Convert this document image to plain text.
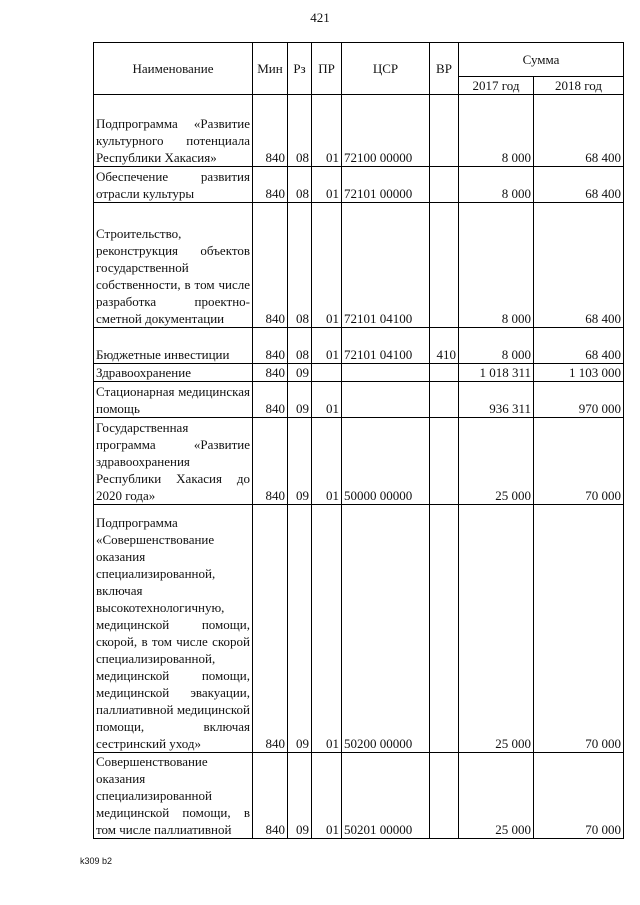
421
Наименование	Мин	Рз	ПР	ЦСР	ВР	Сумма	
						2017 год	2018 год
Подпрограмма «Развитие культурного потенциала Республики Хакасия»	840	08	01	72100 00000		8 000	68 400
Обеспечение развития отрасли культуры	840	08	01	72101 00000		8 000	68 400
Строительство, реконструкция объектов государственной собственности, в том числе разработка проектно-сметной документации	840	08	01	72101 04100		8 000	68 400
Бюджетные инвестиции	840	08	01	72101 04100	410	8 000	68 400
Здравоохранение	840	09				1 018 311	1 103 000
Стационарная медицинская помощь	840	09	01			936 311	970 000
Государственная программа «Развитие здравоохранения Республики Хакасия до 2020 года»	840	09	01	50000 00000		25 000	70 000
Подпрограмма «Совершенствование оказания специализированной, включая высокотехнологичную, медицинской помощи, скорой, в том числе скорой специализированной, медицинской помощи, медицинской эвакуации, паллиативной медицинской помощи, включая сестринский уход»	840	09	01	50200 00000		25 000	70 000
Совершенствование оказания специализированной медицинской помощи, в том числе паллиативной	840	09	01	50201 00000		25 000	70 000
k309 b2
